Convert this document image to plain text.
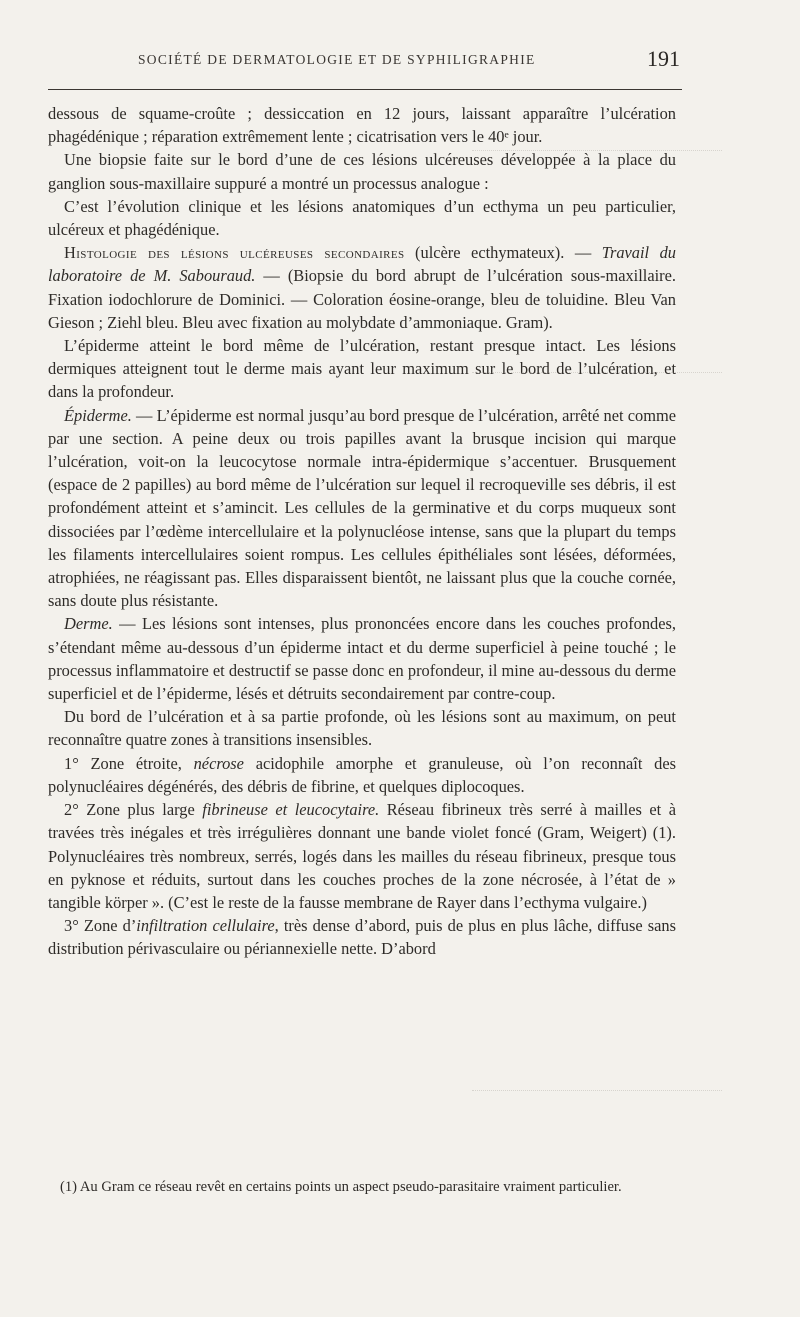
SOCIÉTÉ DE DERMATOLOGIE ET DE SYPHILIGRAPHIE	191

dessous de squame-croûte ; dessiccation en 12 jours, laissant apparaître l’ulcération phagédénique ; réparation extrêmement lente ; cicatrisation vers le 40ᵉ jour.

Une biopsie faite sur le bord d’une de ces lésions ulcéreuses développée à la place du ganglion sous-maxillaire suppuré a montré un processus analogue :

C’est l’évolution clinique et les lésions anatomiques d’un ecthyma un peu particulier, ulcéreux et phagédénique.

Histologie des lésions ulcéreuses secondaires (ulcère ecthymateux). — Travail du laboratoire de M. Sabouraud. — (Biopsie du bord abrupt de l’ulcération sous-maxillaire. Fixation iodochlorure de Dominici. — Coloration éosine-orange, bleu de toluidine. Bleu Van Gieson ; Ziehl bleu. Bleu avec fixation au molybdate d’ammoniaque. Gram).

L’épiderme atteint le bord même de l’ulcération, restant presque intact. Les lésions dermiques atteignent tout le derme mais ayant leur maximum sur le bord de l’ulcération, et dans la profondeur.

Épiderme. — L’épiderme est normal jusqu’au bord presque de l’ulcération, arrêté net comme par une section. A peine deux ou trois papilles avant la brusque incision qui marque l’ulcération, voit-on la leucocytose normale intra-épidermique s’accentuer. Brusquement (espace de 2 papilles) au bord même de l’ulcération sur lequel il recroqueville ses débris, il est profondément atteint et s’amincit. Les cellules de la germinative et du corps muqueux sont dissociées par l’œdème intercellulaire et la polynucléose intense, sans que la plupart du temps les filaments intercellulaires soient rompus. Les cellules épithéliales sont lésées, déformées, atrophiées, ne réagissant pas. Elles disparaissent bientôt, ne laissant plus que la couche cornée, sans doute plus résistante.

Derme. — Les lésions sont intenses, plus prononcées encore dans les couches profondes, s’étendant même au-dessous d’un épiderme intact et du derme superficiel à peine touché ; le processus inflammatoire et destructif se passe donc en profondeur, il mine au-dessous du derme superficiel et de l’épiderme, lésés et détruits secondairement par contre-coup.

Du bord de l’ulcération et à sa partie profonde, où les lésions sont au maximum, on peut reconnaître quatre zones à transitions insensibles.

1° Zone étroite, nécrose acidophile amorphe et granuleuse, où l’on reconnaît des polynucléaires dégénérés, des débris de fibrine, et quelques diplocoques.

2° Zone plus large fibrineuse et leucocytaire. Réseau fibrineux très serré à mailles et à travées très inégales et très irrégulières donnant une bande violet foncé (Gram, Weigert) (1). Polynucléaires très nombreux, serrés, logés dans les mailles du réseau fibrineux, presque tous en pyknose et réduits, surtout dans les couches proches de la zone nécrosée, à l’état de » tangible körper ». (C’est le reste de la fausse membrane de Rayer dans l’ecthyma vulgaire.)

3° Zone d’infiltration cellulaire, très dense d’abord, puis de plus en plus lâche, diffuse sans distribution périvasculaire ou périannexielle nette. D’abord

(1) Au Gram ce réseau revêt en certains points un aspect pseudo-parasitaire vraiment particulier.
